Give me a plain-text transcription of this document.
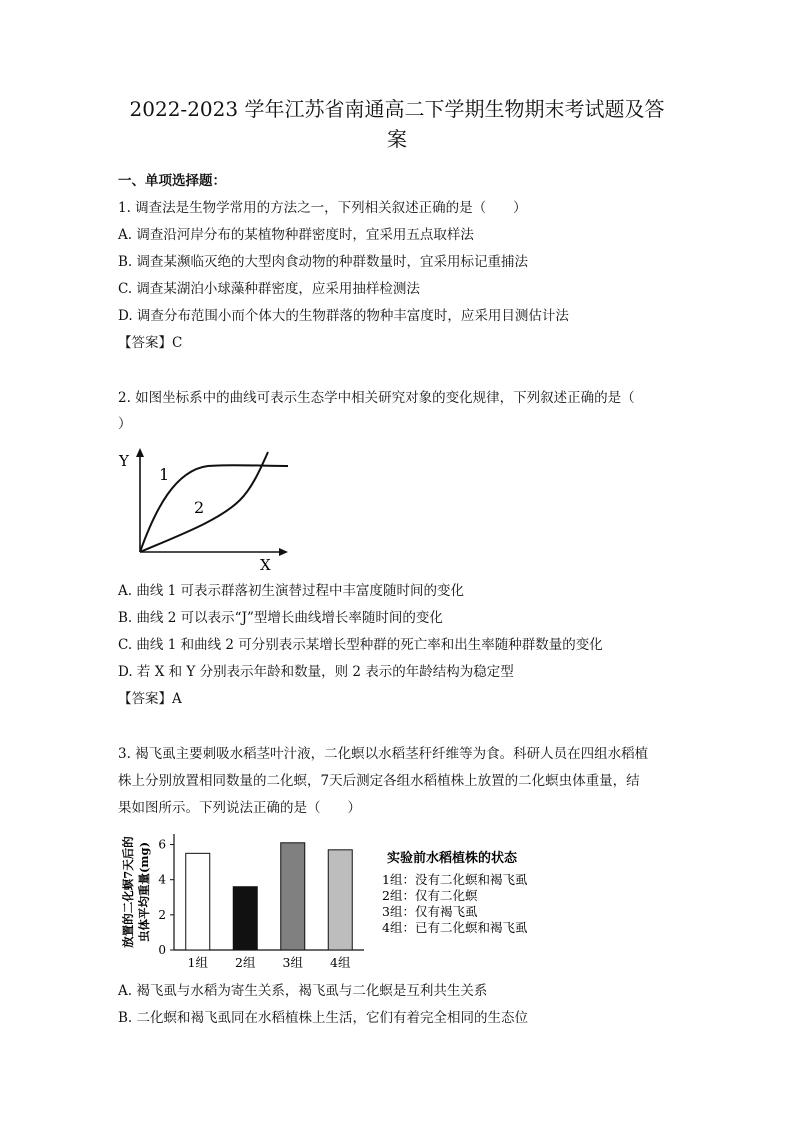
2022-2023 学年江苏省南通高二下学期生物期末考试题及答
案
一、单项选择题：
1. 调查法是生物学常用的方法之一，下列相关叙述正确的是（　　）
A. 调查沿河岸分布的某植物种群密度时，宜采用五点取样法
B. 调查某濒临灭绝的大型肉食动物的种群数量时，宜采用标记重捕法
C. 调查某湖泊小球藻种群密度，应采用抽样检测法
D. 调查分布范围小而个体大的生物群落的物种丰富度时，应采用目测估计法
【答案】C
2. 如图坐标系中的曲线可表示生态学中相关研究对象的变化规律，下列叙述正确的是（
）
Y
X
1
2
A. 曲线 1 可表示群落初生演替过程中丰富度随时间的变化
B. 曲线 2 可以表示“J”型增长曲线增长率随时间的变化
C. 曲线 1 和曲线 2 可分别表示某增长型种群的死亡率和出生率随种群数量的变化
D. 若 X 和 Y 分别表示年龄和数量，则 2 表示的年龄结构为稳定型
【答案】A
3. 褐飞虱主要刺吸水稻茎叶汁液，二化螟以水稻茎秆纤维等为食。科研人员在四组水稻植
株上分别放置相同数量的二化螟，7天后测定各组水稻植株上放置的二化螟虫体重量，结
果如图所示。下列说法正确的是（　　）
放置的二化螟7天后的 虫体平均重量(mg)
0
2
4
6
1组 2组 3组 4组
实验前水稻植株的状态
1组：没有二化螟和褐飞虱
2组：仅有二化螟
3组：仅有褐飞虱
4组：已有二化螟和褐飞虱
A. 褐飞虱与水稻为寄生关系，褐飞虱与二化螟是互利共生关系
B. 二化螟和褐飞虱同在水稻植株上生活，它们有着完全相同的生态位
